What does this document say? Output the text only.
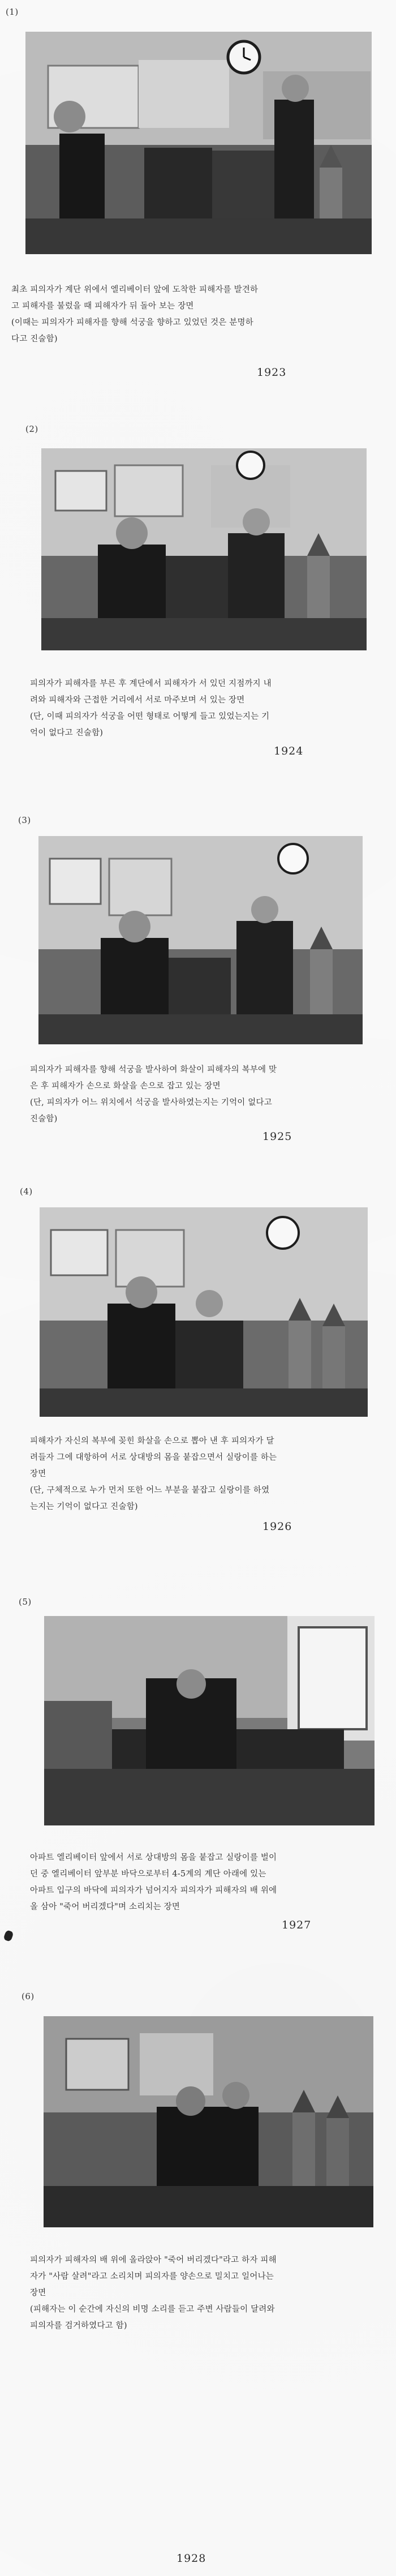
(1)
최초 피의자가 계단 위에서 엘리베이터 앞에 도착한 피해자를 발견하
고 피해자를 불렀을 때 피해자가 뒤 돌아 보는 장면
(이때는 피의자가 피해자를 향해 석궁을 향하고 있었던 것은 분명하
다고 진술함)
1923
(2)
피의자가 피해자를 부른 후 계단에서 피해자가 서 있던 지점까지 내
려와 피해자와 근접한 거리에서 서로 마주보며 서 있는 장면
(단, 이때 피의자가 석궁을 어떤 형태로 어떻게 들고 있었는지는 기
억이 없다고 진술함)
1924
(3)
피의자가 피해자를 향해 석궁을 발사하여 화살이 피해자의 복부에 맞
은 후 피해자가 손으로 화살을 손으로 잡고 있는 장면
(단, 피의자가 어느 위치에서 석궁을 발사하였는지는 기억이 없다고
진술함)
1925
(4)
피해자가 자신의 복부에 꽂힌 화살을 손으로 뽑아 낸 후 피의자가 달
려들자 그에 대항하여 서로 상대방의 몸을 붙잡으면서 실랑이를 하는
장면
(단, 구체적으로 누가 먼저 또한 어느 부분을 붙잡고 실랑이를 하였
는지는 기억이 없다고 진술함)
1926
(5)
아파트 엘리베이터 앞에서 서로 상대방의 몸을 붙잡고 실랑이를 벌이
던 중 엘리베이터 앞부분 바닥으로부터 4-5계의 계단 아래에 있는
아파트 입구의 바닥에 피의자가 넘어지자 피의자가 피해자의 배 위에
올 삼아 "죽어 버리겠다"며 소리치는 장면
1927
(6)
피의자가 피해자의 배 위에 올라앉아 "죽어 버리겠다"라고 하자 피해
자가 "사람 살려"라고 소리치며 피의자를 양손으로 밀치고 일어나는
장면
(피해자는 이 순간에 자신의 비명 소리를 듣고 주변 사람들이 달려와
피의자를 검거하였다고 함)
1928
